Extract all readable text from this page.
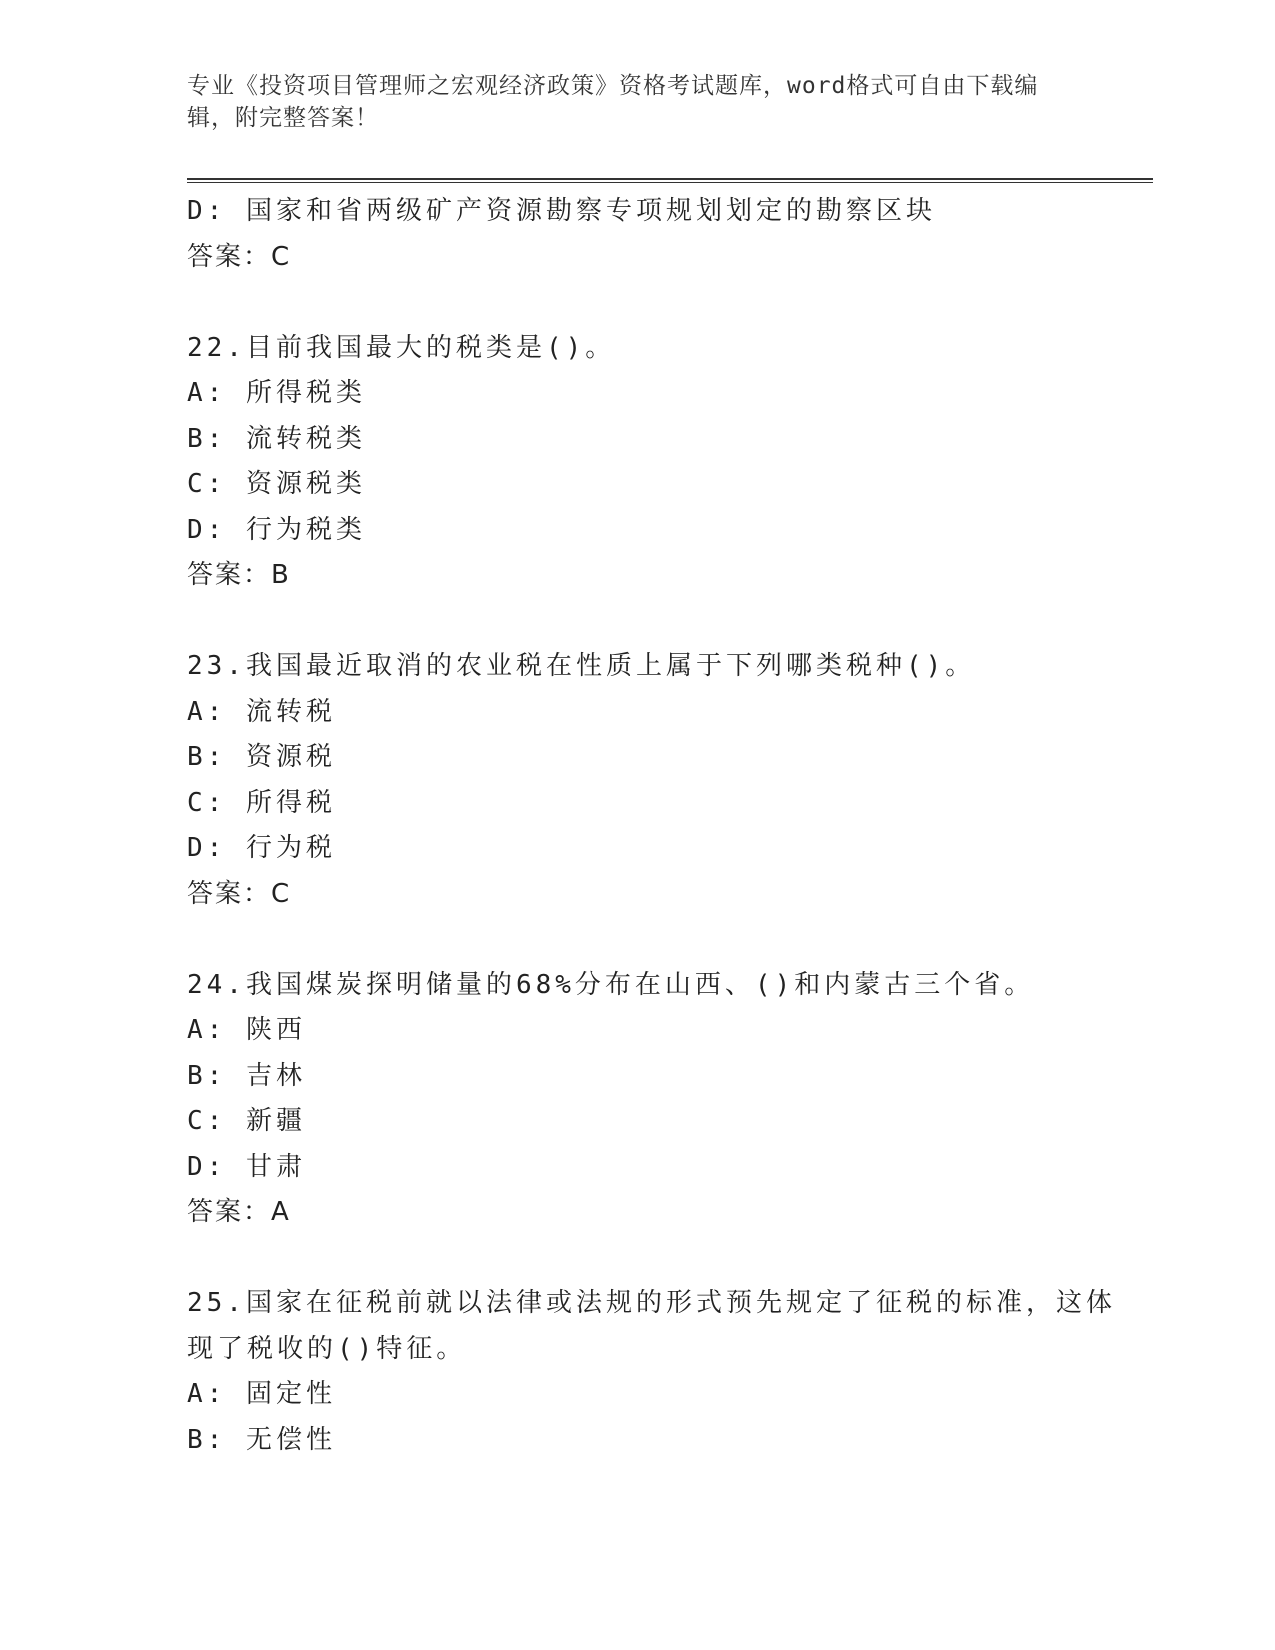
专业《投资项目管理师之宏观经济政策》资格考试题库，word格式可自由下载编
辑，附完整答案！
D: 国家和省两级矿产资源勘察专项规划划定的勘察区块
答案：C
22.目前我国最大的税类是()。
A: 所得税类
B: 流转税类
C: 资源税类
D: 行为税类
答案：B
23.我国最近取消的农业税在性质上属于下列哪类税种()。
A: 流转税
B: 资源税
C: 所得税
D: 行为税
答案：C
24.我国煤炭探明储量的68%分布在山西、()和内蒙古三个省。
A: 陕西
B: 吉林
C: 新疆
D: 甘肃
答案：A
25.国家在征税前就以法律或法规的形式预先规定了征税的标准，这体
现了税收的()特征。
A: 固定性
B: 无偿性
